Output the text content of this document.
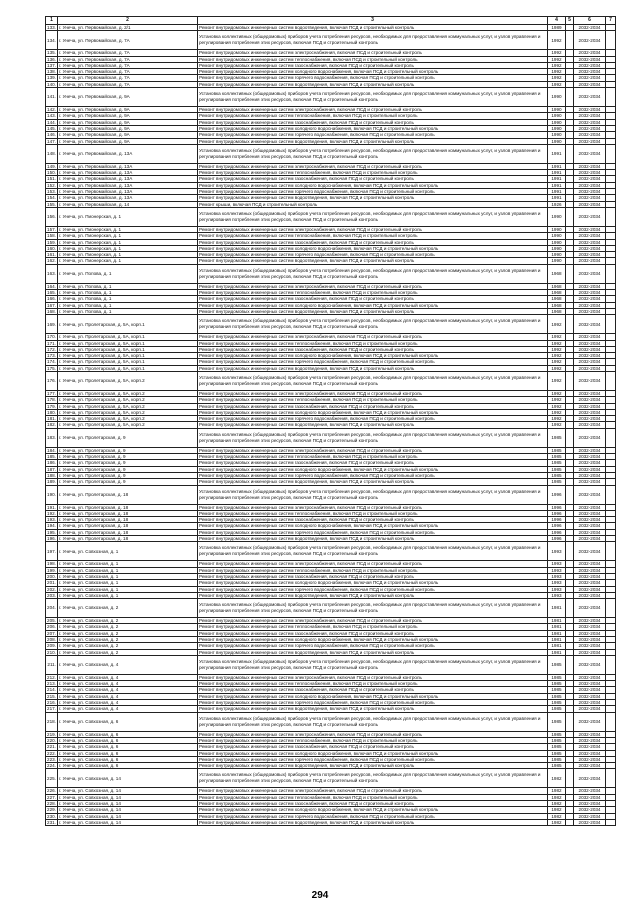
1	2	3	4	5	6	7
133.	г. Унеча, ул. Первомайская, д. 2/1	Ремонт внутридомовых инженерных систем водоотведения, включая ПСД и строительный контроль	1989		2032-2034	
134.	г. Унеча, ул. Первомайская, д. 7А	Установка коллективных (общедомовых) приборов учета потребления ресурсов, необходимых для предоставления коммунальных услуг, и узлов управления и регулирования потребления этих ресурсов, включая ПСД и строительный контроль	1992		2032-2034	
135.	г. Унеча, ул. Первомайская, д. 7А	Ремонт внутридомовых инженерных систем электроснабжения, включая ПСД и строительный контроль	1992		2032-2034	
136.	г. Унеча, ул. Первомайская, д. 7А	Ремонт внутридомовых инженерных систем теплоснабжения, включая ПСД и строительный контроль	1992		2032-2034	
137.	г. Унеча, ул. Первомайская, д. 7А	Ремонт внутридомовых инженерных систем газоснабжения, включая ПСД и строительный контроль	1992		2032-2034	
138.	г. Унеча, ул. Первомайская, д. 7А	Ремонт внутридомовых инженерных систем холодного водоснабжения, включая ПСД и строительный контроль	1992		2032-2034	
139.	г. Унеча, ул. Первомайская, д. 7А	Ремонт внутридомовых инженерных систем горячего водоснабжения, включая ПСД и строительный контроль	1992		2032-2034	
140.	г. Унеча, ул. Первомайская, д. 7А	Ремонт внутридомовых инженерных систем водоотведения, включая ПСД и строительный контроль	1992		2032-2034	
141.	г. Унеча, ул. Первомайская, д. 9А	Установка коллективных (общедомовых) приборов учета потребления ресурсов, необходимых для предоставления коммунальных услуг, и узлов управления и регулирования потребления этих ресурсов, включая ПСД и строительный контроль	1990		2032-2034	
142.	г. Унеча, ул. Первомайская, д. 9А	Ремонт внутридомовых инженерных систем электроснабжения, включая ПСД и строительный контроль	1990		2032-2034	
143.	г. Унеча, ул. Первомайская, д. 9А	Ремонт внутридомовых инженерных систем теплоснабжения, включая ПСД и строительный контроль	1990		2032-2034	
144.	г. Унеча, ул. Первомайская, д. 9А	Ремонт внутридомовых инженерных систем газоснабжения, включая ПСД и строительный контроль	1990		2032-2034	
145.	г. Унеча, ул. Первомайская, д. 9А	Ремонт внутридомовых инженерных систем холодного водоснабжения, включая ПСД и строительный контроль	1990		2032-2034	
146.	г. Унеча, ул. Первомайская, д. 9А	Ремонт внутридомовых инженерных систем горячего водоснабжения, включая ПСД и строительный контроль	1990		2032-2034	
147.	г. Унеча, ул. Первомайская, д. 9А	Ремонт внутридомовых инженерных систем водоотведения, включая ПСД и строительный контроль	1990		2032-2034	
148.	г. Унеча, ул. Первомайская, д. 13А	Установка коллективных (общедомовых) приборов учета потребления ресурсов, необходимых для предоставления коммунальных услуг, и узлов управления и регулирования потребления этих ресурсов, включая ПСД и строительный контроль	1991		2032-2034	
149.	г. Унеча, ул. Первомайская, д. 13А	Ремонт внутридомовых инженерных систем электроснабжения, включая ПСД и строительный контроль	1991		2032-2034	
150.	г. Унеча, ул. Первомайская, д. 13А	Ремонт внутридомовых инженерных систем теплоснабжения, включая ПСД и строительный контроль	1991		2032-2034	
151.	г. Унеча, ул. Первомайская, д. 13А	Ремонт внутридомовых инженерных систем газоснабжения, включая ПСД и строительный контроль	1991		2032-2034	
152.	г. Унеча, ул. Первомайская, д. 13А	Ремонт внутридомовых инженерных систем холодного водоснабжения, включая ПСД и строительный контроль	1991		2032-2034	
153.	г. Унеча, ул. Первомайская, д. 13А	Ремонт внутридомовых инженерных систем горячего водоснабжения, включая ПСД и строительный контроль	1991		2032-2034	
154.	г. Унеча, ул. Первомайская, д. 13А	Ремонт внутридомовых инженерных систем водоотведения, включая ПСД и строительный контроль	1991		2032-2034	
155.	г. Унеча, ул. Первомайская, д. 14	Ремонт крыши, включая ПСД и строительный контроль	1926		2032-2034	
156.	г. Унеча, ул. Пионерская, д. 1	Установка коллективных (общедомовых) приборов учета потребления ресурсов, необходимых для предоставления коммунальных услуг, и узлов управления и регулирования потребления этих ресурсов, включая ПСД и строительный контроль	1990		2032-2034	
157.	г. Унеча, ул. Пионерская, д. 1	Ремонт внутридомовых инженерных систем электроснабжения, включая ПСД и строительный контроль	1990		2032-2034	
158.	г. Унеча, ул. Пионерская, д. 1	Ремонт внутридомовых инженерных систем теплоснабжения, включая ПСД и строительный контроль	1990		2032-2034	
159.	г. Унеча, ул. Пионерская, д. 1	Ремонт внутридомовых инженерных систем газоснабжения, включая ПСД и строительный контроль	1990		2032-2034	
160.	г. Унеча, ул. Пионерская, д. 1	Ремонт внутридомовых инженерных систем холодного водоснабжения, включая ПСД и строительный контроль	1990		2032-2034	
161.	г. Унеча, ул. Пионерская, д. 1	Ремонт внутридомовых инженерных систем горячего водоснабжения, включая ПСД и строительный контроль	1990		2032-2034	
162.	г. Унеча, ул. Пионерская, д. 1	Ремонт внутридомовых инженерных систем водоотведения, включая ПСД и строительный контроль	1990		2032-2034	
163.	г. Унеча, ул. Попова, д. 1	Установка коллективных (общедомовых) приборов учета потребления ресурсов, необходимых для предоставления коммунальных услуг, и узлов управления и регулирования потребления этих ресурсов, включая ПСД и строительный контроль	1968		2032-2034	
164.	г. Унеча, ул. Попова, д. 1	Ремонт внутридомовых инженерных систем электроснабжения, включая ПСД и строительный контроль	1968		2032-2034	
165.	г. Унеча, ул. Попова, д. 1	Ремонт внутридомовых инженерных систем теплоснабжения, включая ПСД и строительный контроль	1968		2032-2034	
166.	г. Унеча, ул. Попова, д. 1	Ремонт внутридомовых инженерных систем газоснабжения, включая ПСД и строительный контроль	1968		2032-2034	
167.	г. Унеча, ул. Попова, д. 1	Ремонт внутридомовых инженерных систем холодного водоснабжения, включая ПСД и строительный контроль	1968		2032-2034	
168.	г. Унеча, ул. Попова, д. 1	Ремонт внутридомовых инженерных систем водоотведения, включая ПСД и строительный контроль	1968		2032-2034	
169.	г. Унеча, ул. Пролетарская, д. 5А, корп.1	Установка коллективных (общедомовых) приборов учета потребления ресурсов, необходимых для предоставления коммунальных услуг, и узлов управления и регулирования потребления этих ресурсов, включая ПСД и строительный контроль	1992		2032-2034	
170.	г. Унеча, ул. Пролетарская, д. 5А, корп.1	Ремонт внутридомовых инженерных систем электроснабжения, включая ПСД и строительный контроль	1992		2032-2034	
171.	г. Унеча, ул. Пролетарская, д. 5А, корп.1	Ремонт внутридомовых инженерных систем теплоснабжения, включая ПСД и строительный контроль	1992		2032-2034	
172.	г. Унеча, ул. Пролетарская, д. 5А, корп.1	Ремонт внутридомовых инженерных систем газоснабжения, включая ПСД и строительный контроль	1992		2032-2034	
173.	г. Унеча, ул. Пролетарская, д. 5А, корп.1	Ремонт внутридомовых инженерных систем холодного водоснабжения, включая ПСД и строительный контроль	1992		2032-2034	
174.	г. Унеча, ул. Пролетарская, д. 5А, корп.1	Ремонт внутридомовых инженерных систем горячего водоснабжения, включая ПСД и строительный контроль	1992		2032-2034	
175.	г. Унеча, ул. Пролетарская, д. 5А, корп.1	Ремонт внутридомовых инженерных систем водоотведения, включая ПСД и строительный контроль	1992		2032-2034	
176.	г. Унеча, ул. Пролетарская, д. 5А, корп.2	Установка коллективных (общедомовых) приборов учета потребления ресурсов, необходимых для предоставления коммунальных услуг, и узлов управления и регулирования потребления этих ресурсов, включая ПСД и строительный контроль	1992		2032-2034	
177.	г. Унеча, ул. Пролетарская, д. 5А, корп.2	Ремонт внутридомовых инженерных систем электроснабжения, включая ПСД и строительный контроль	1992		2032-2034	
178.	г. Унеча, ул. Пролетарская, д. 5А, корп.2	Ремонт внутридомовых инженерных систем теплоснабжения, включая ПСД и строительный контроль	1992		2032-2034	
179.	г. Унеча, ул. Пролетарская, д. 5А, корп.2	Ремонт внутридомовых инженерных систем газоснабжения, включая ПСД и строительный контроль	1992		2032-2034	
180.	г. Унеча, ул. Пролетарская, д. 5А, корп.2	Ремонт внутридомовых инженерных систем холодного водоснабжения, включая ПСД и строительный контроль	1992		2032-2034	
181.	г. Унеча, ул. Пролетарская, д. 5А, корп.2	Ремонт внутридомовых инженерных систем горячего водоснабжения, включая ПСД и строительный контроль	1992		2032-2034	
182.	г. Унеча, ул. Пролетарская, д. 5А, корп.2	Ремонт внутридомовых инженерных систем водоотведения, включая ПСД и строительный контроль	1992		2032-2034	
183.	г. Унеча, ул. Пролетарская, д. 9	Установка коллективных (общедомовых) приборов учета потребления ресурсов, необходимых для предоставления коммунальных услуг, и узлов управления и регулирования потребления этих ресурсов, включая ПСД и строительный контроль	1985		2032-2034	
184.	г. Унеча, ул. Пролетарская, д. 9	Ремонт внутридомовых инженерных систем электроснабжения, включая ПСД и строительный контроль	1985		2032-2034	
185.	г. Унеча, ул. Пролетарская, д. 9	Ремонт внутридомовых инженерных систем теплоснабжения, включая ПСД и строительный контроль	1985		2032-2034	
186.	г. Унеча, ул. Пролетарская, д. 9	Ремонт внутридомовых инженерных систем газоснабжения, включая ПСД и строительный контроль	1985		2032-2034	
187.	г. Унеча, ул. Пролетарская, д. 9	Ремонт внутридомовых инженерных систем холодного водоснабжения, включая ПСД и строительный контроль	1985		2032-2034	
188.	г. Унеча, ул. Пролетарская, д. 9	Ремонт внутридомовых инженерных систем горячего водоснабжения, включая ПСД и строительный контроль	1985		2032-2034	
189.	г. Унеча, ул. Пролетарская, д. 9	Ремонт внутридомовых инженерных систем водоотведения, включая ПСД и строительный контроль	1985		2032-2034	
190.	г. Унеча, ул. Пролетарская, д. 18	Установка коллективных (общедомовых) приборов учета потребления ресурсов, необходимых для предоставления коммунальных услуг, и узлов управления и регулирования потребления этих ресурсов, включая ПСД и строительный контроль	1996		2032-2034	
191.	г. Унеча, ул. Пролетарская, д. 18	Ремонт внутридомовых инженерных систем электроснабжения, включая ПСД и строительный контроль	1996		2032-2034	
192.	г. Унеча, ул. Пролетарская, д. 18	Ремонт внутридомовых инженерных систем теплоснабжения, включая ПСД и строительный контроль	1996		2032-2034	
193.	г. Унеча, ул. Пролетарская, д. 18	Ремонт внутридомовых инженерных систем газоснабжения, включая ПСД и строительный контроль	1996		2032-2034	
194.	г. Унеча, ул. Пролетарская, д. 18	Ремонт внутридомовых инженерных систем холодного водоснабжения, включая ПСД и строительный контроль	1996		2032-2034	
195.	г. Унеча, ул. Пролетарская, д. 18	Ремонт внутридомовых инженерных систем горячего водоснабжения, включая ПСД и строительный контроль	1996		2032-2034	
196.	г. Унеча, ул. Пролетарская, д. 18	Ремонт внутридомовых инженерных систем водоотведения, включая ПСД и строительный контроль	1996		2032-2034	
197.	г. Унеча, ул. Совхозная, д. 1	Установка коллективных (общедомовых) приборов учета потребления ресурсов, необходимых для предоставления коммунальных услуг, и узлов управления и регулирования потребления этих ресурсов, включая ПСД и строительный контроль	1993		2032-2034	
198.	г. Унеча, ул. Совхозная, д. 1	Ремонт внутридомовых инженерных систем электроснабжения, включая ПСД и строительный контроль	1993		2032-2034	
199.	г. Унеча, ул. Совхозная, д. 1	Ремонт внутридомовых инженерных систем теплоснабжения, включая ПСД и строительный контроль	1993		2032-2034	
200.	г. Унеча, ул. Совхозная, д. 1	Ремонт внутридомовых инженерных систем газоснабжения, включая ПСД и строительный контроль	1993		2032-2034	
201.	г. Унеча, ул. Совхозная, д. 1	Ремонт внутридомовых инженерных систем холодного водоснабжения, включая ПСД и строительный контроль	1993		2032-2034	
202.	г. Унеча, ул. Совхозная, д. 1	Ремонт внутридомовых инженерных систем горячего водоснабжения, включая ПСД и строительный контроль	1993		2032-2034	
203.	г. Унеча, ул. Совхозная, д. 1	Ремонт внутридомовых инженерных систем водоотведения, включая ПСД и строительный контроль	1993		2032-2034	
204.	г. Унеча, ул. Совхозная, д. 2	Установка коллективных (общедомовых) приборов учета потребления ресурсов, необходимых для предоставления коммунальных услуг, и узлов управления и регулирования потребления этих ресурсов, включая ПСД и строительный контроль	1981		2032-2034	
205.	г. Унеча, ул. Совхозная, д. 2	Ремонт внутридомовых инженерных систем электроснабжения, включая ПСД и строительный контроль	1981		2032-2034	
206.	г. Унеча, ул. Совхозная, д. 2	Ремонт внутридомовых инженерных систем теплоснабжения, включая ПСД и строительный контроль	1981		2032-2034	
207.	г. Унеча, ул. Совхозная, д. 2	Ремонт внутридомовых инженерных систем газоснабжения, включая ПСД и строительный контроль	1981		2032-2034	
208.	г. Унеча, ул. Совхозная, д. 2	Ремонт внутридомовых инженерных систем холодного водоснабжения, включая ПСД и строительный контроль	1981		2032-2034	
209.	г. Унеча, ул. Совхозная, д. 2	Ремонт внутридомовых инженерных систем горячего водоснабжения, включая ПСД и строительный контроль	1981		2032-2034	
210.	г. Унеча, ул. Совхозная, д. 2	Ремонт внутридомовых инженерных систем водоотведения, включая ПСД и строительный контроль	1981		2032-2034	
211.	г. Унеча, ул. Совхозная, д. 4	Установка коллективных (общедомовых) приборов учета потребления ресурсов, необходимых для предоставления коммунальных услуг, и узлов управления и регулирования потребления этих ресурсов, включая ПСД и строительный контроль	1985		2032-2034	
212.	г. Унеча, ул. Совхозная, д. 4	Ремонт внутридомовых инженерных систем электроснабжения, включая ПСД и строительный контроль	1985		2032-2034	
213.	г. Унеча, ул. Совхозная, д. 4	Ремонт внутридомовых инженерных систем теплоснабжения, включая ПСД и строительный контроль	1985		2032-2034	
214.	г. Унеча, ул. Совхозная, д. 4	Ремонт внутридомовых инженерных систем газоснабжения, включая ПСД и строительный контроль	1985		2032-2034	
215.	г. Унеча, ул. Совхозная, д. 4	Ремонт внутридомовых инженерных систем холодного водоснабжения, включая ПСД и строительный контроль	1985		2032-2034	
216.	г. Унеча, ул. Совхозная, д. 4	Ремонт внутридомовых инженерных систем горячего водоснабжения, включая ПСД и строительный контроль	1985		2032-2034	
217.	г. Унеча, ул. Совхозная, д. 4	Ремонт внутридомовых инженерных систем водоотведения, включая ПСД и строительный контроль	1985		2032-2034	
218.	г. Унеча, ул. Совхозная, д. 6	Установка коллективных (общедомовых) приборов учета потребления ресурсов, необходимых для предоставления коммунальных услуг, и узлов управления и регулирования потребления этих ресурсов, включая ПСД и строительный контроль	1985		2032-2034	
219.	г. Унеча, ул. Совхозная, д. 6	Ремонт внутридомовых инженерных систем электроснабжения, включая ПСД и строительный контроль	1985		2032-2034	
220.	г. Унеча, ул. Совхозная, д. 6	Ремонт внутридомовых инженерных систем теплоснабжения, включая ПСД и строительный контроль	1985		2032-2034	
221.	г. Унеча, ул. Совхозная, д. 6	Ремонт внутридомовых инженерных систем газоснабжения, включая ПСД и строительный контроль	1985		2032-2034	
222.	г. Унеча, ул. Совхозная, д. 6	Ремонт внутридомовых инженерных систем холодного водоснабжения, включая ПСД и строительный контроль	1985		2032-2034	
223.	г. Унеча, ул. Совхозная, д. 6	Ремонт внутридомовых инженерных систем горячего водоснабжения, включая ПСД и строительный контроль	1985		2032-2034	
224.	г. Унеча, ул. Совхозная, д. 6	Ремонт внутридомовых инженерных систем водоотведения, включая ПСД и строительный контроль	1985		2032-2034	
225.	г. Унеча, ул. Совхозная, д. 14	Установка коллективных (общедомовых) приборов учета потребления ресурсов, необходимых для предоставления коммунальных услуг, и узлов управления и регулирования потребления этих ресурсов, включая ПСД и строительный контроль	1982		2032-2034	
226.	г. Унеча, ул. Совхозная, д. 14	Ремонт внутридомовых инженерных систем электроснабжения, включая ПСД и строительный контроль	1982		2032-2034	
227.	г. Унеча, ул. Совхозная, д. 14	Ремонт внутридомовых инженерных систем теплоснабжения, включая ПСД и строительный контроль	1982		2032-2034	
228.	г. Унеча, ул. Совхозная, д. 14	Ремонт внутридомовых инженерных систем газоснабжения, включая ПСД и строительный контроль	1982		2032-2034	
229.	г. Унеча, ул. Совхозная, д. 14	Ремонт внутридомовых инженерных систем холодного водоснабжения, включая ПСД и строительный контроль	1982		2032-2034	
230.	г. Унеча, ул. Совхозная, д. 14	Ремонт внутридомовых инженерных систем горячего водоснабжения, включая ПСД и строительный контроль	1982		2032-2034	
231.	г. Унеча, ул. Совхозная, д. 14	Ремонт внутридомовых инженерных систем водоотведения, включая ПСД и строительный контроль	1982		2032-2034	
294
